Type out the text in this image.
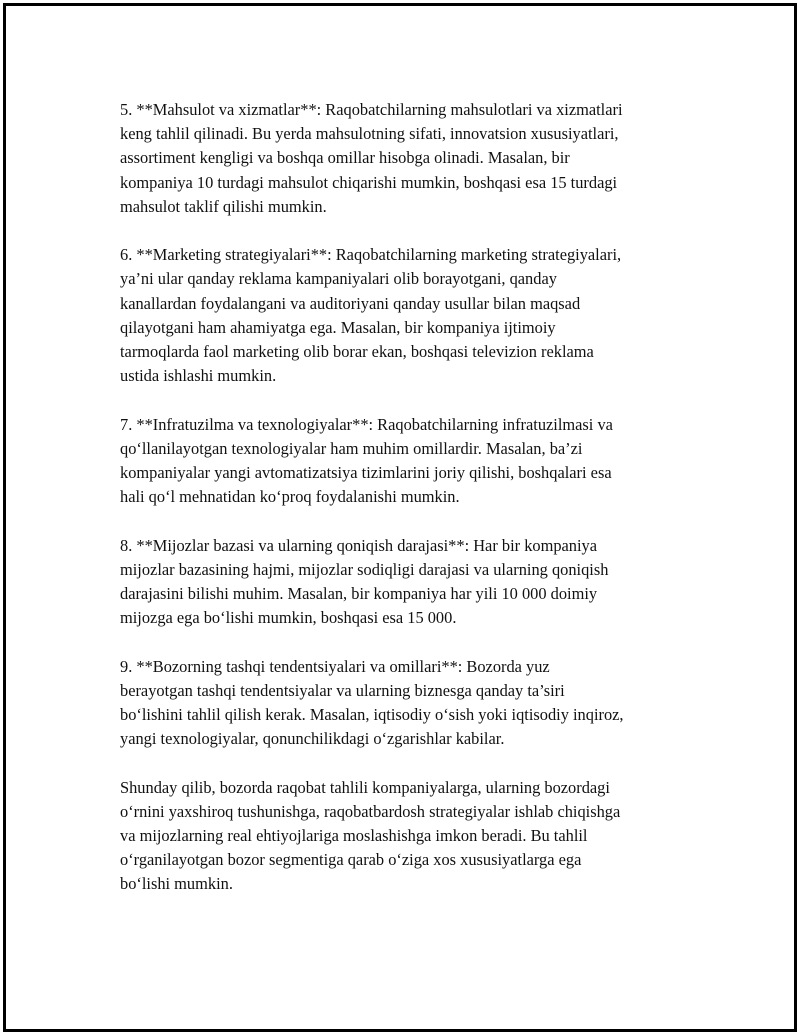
5. **Mahsulot va xizmatlar**: Raqobatchilarning mahsulotlari va xizmatlari
keng tahlil qilinadi. Bu yerda mahsulotning sifati, innovatsion xususiyatlari,
assortiment kengligi va boshqa omillar hisobga olinadi. Masalan, bir
kompaniya 10 turdagi mahsulot chiqarishi mumkin, boshqasi esa 15 turdagi
mahsulot taklif qilishi mumkin.

6. **Marketing strategiyalari**: Raqobatchilarning marketing strategiyalari,
ya’ni ular qanday reklama kampaniyalari olib borayotgani, qanday
kanallardan foydalangani va auditoriyani qanday usullar bilan maqsad
qilayotgani ham ahamiyatga ega. Masalan, bir kompaniya ijtimoiy
tarmoqlarda faol marketing olib borar ekan, boshqasi televizion reklama
ustida ishlashi mumkin.

7. **Infratuzilma va texnologiyalar**: Raqobatchilarning infratuzilmasi va
qo‘llanilayotgan texnologiyalar ham muhim omillardir. Masalan, ba’zi
kompaniyalar yangi avtomatizatsiya tizimlarini joriy qilishi, boshqalari esa
hali qo‘l mehnatidan ko‘proq foydalanishi mumkin.

8. **Mijozlar bazasi va ularning qoniqish darajasi**: Har bir kompaniya
mijozlar bazasining hajmi, mijozlar sodiqligi darajasi va ularning qoniqish
darajasini bilishi muhim. Masalan, bir kompaniya har yili 10 000 doimiy
mijozga ega bo‘lishi mumkin, boshqasi esa 15 000.

9. **Bozorning tashqi tendentsiyalari va omillari**: Bozorda yuz
berayotgan tashqi tendentsiyalar va ularning biznesga qanday ta’siri
bo‘lishini tahlil qilish kerak. Masalan, iqtisodiy o‘sish yoki iqtisodiy inqiroz,
yangi texnologiyalar, qonunchilikdagi o‘zgarishlar kabilar.

Shunday qilib, bozorda raqobat tahlili kompaniyalarga, ularning bozordagi
o‘rnini yaxshiroq tushunishga, raqobatbardosh strategiyalar ishlab chiqishga
va mijozlarning real ehtiyojlariga moslashishga imkon beradi. Bu tahlil
o‘rganilayotgan bozor segmentiga qarab o‘ziga xos xususiyatlarga ega
bo‘lishi mumkin.
